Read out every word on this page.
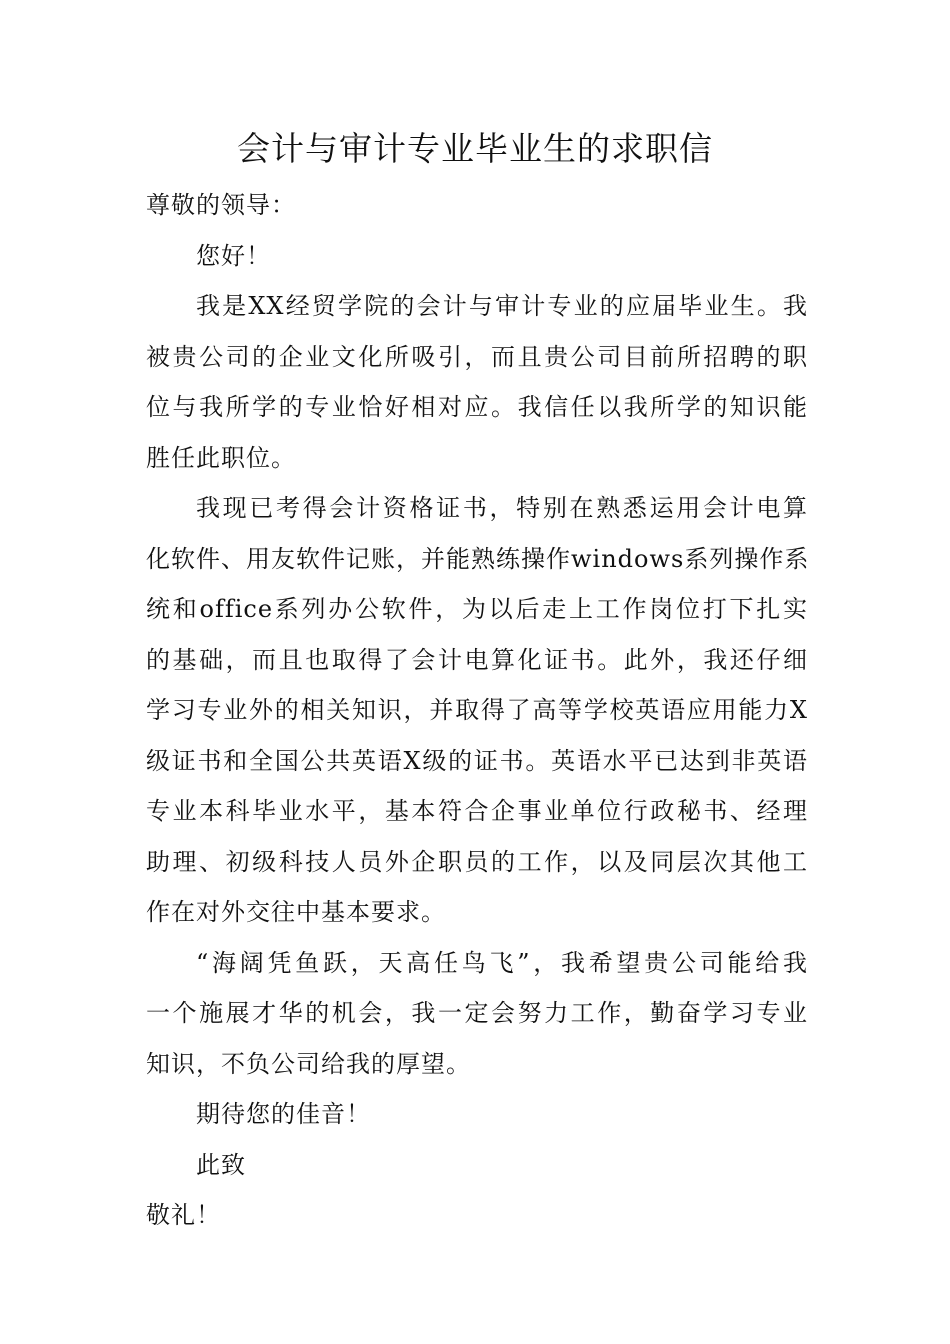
会计与审计专业毕业生的求职信
尊敬的领导：
您好！
我是XX经贸学院的会计与审计专业的应届毕业生。我
被贵公司的企业文化所吸引，而且贵公司目前所招聘的职
位与我所学的专业恰好相对应。我信任以我所学的知识能
胜任此职位。
我现已考得会计资格证书，特别在熟悉运用会计电算
化软件、用友软件记账，并能熟练操作windows系列操作系
统和office系列办公软件，为以后走上工作岗位打下扎实
的基础，而且也取得了会计电算化证书。此外，我还仔细
学习专业外的相关知识，并取得了高等学校英语应用能力X
级证书和全国公共英语X级的证书。英语水平已达到非英语
专业本科毕业水平，基本符合企事业单位行政秘书、经理
助理、初级科技人员外企职员的工作，以及同层次其他工
作在对外交往中基本要求。
“海阔凭鱼跃，天高任鸟飞”，我希望贵公司能给我
一个施展才华的机会，我一定会努力工作，勤奋学习专业
知识，不负公司给我的厚望。
期待您的佳音！
此致
敬礼！
